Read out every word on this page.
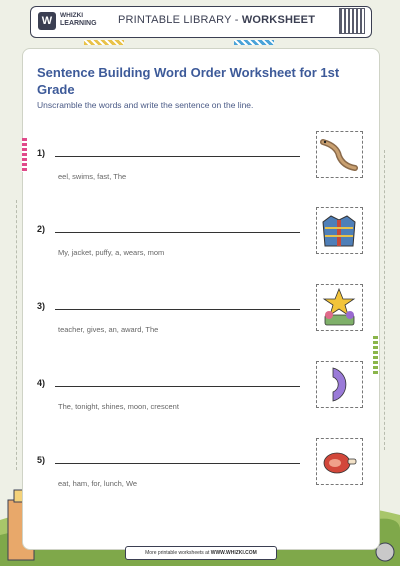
W	WHIZKI
LEARNING PRINTABLE LIBRARY - WORKSHEET
Sentence Building Word Order Worksheet for 1st Grade
Unscramble the words and write the sentence on the line.
1)
eel, swims, fast, The
2)
My, jacket, puffy, a, wears, mom
3)
teacher, gives, an, award, The
4)
The, tonight, shines, moon, crescent
5)
eat, ham, for, lunch, We
More printable worksheets at WWW.WHIZKI.COM
